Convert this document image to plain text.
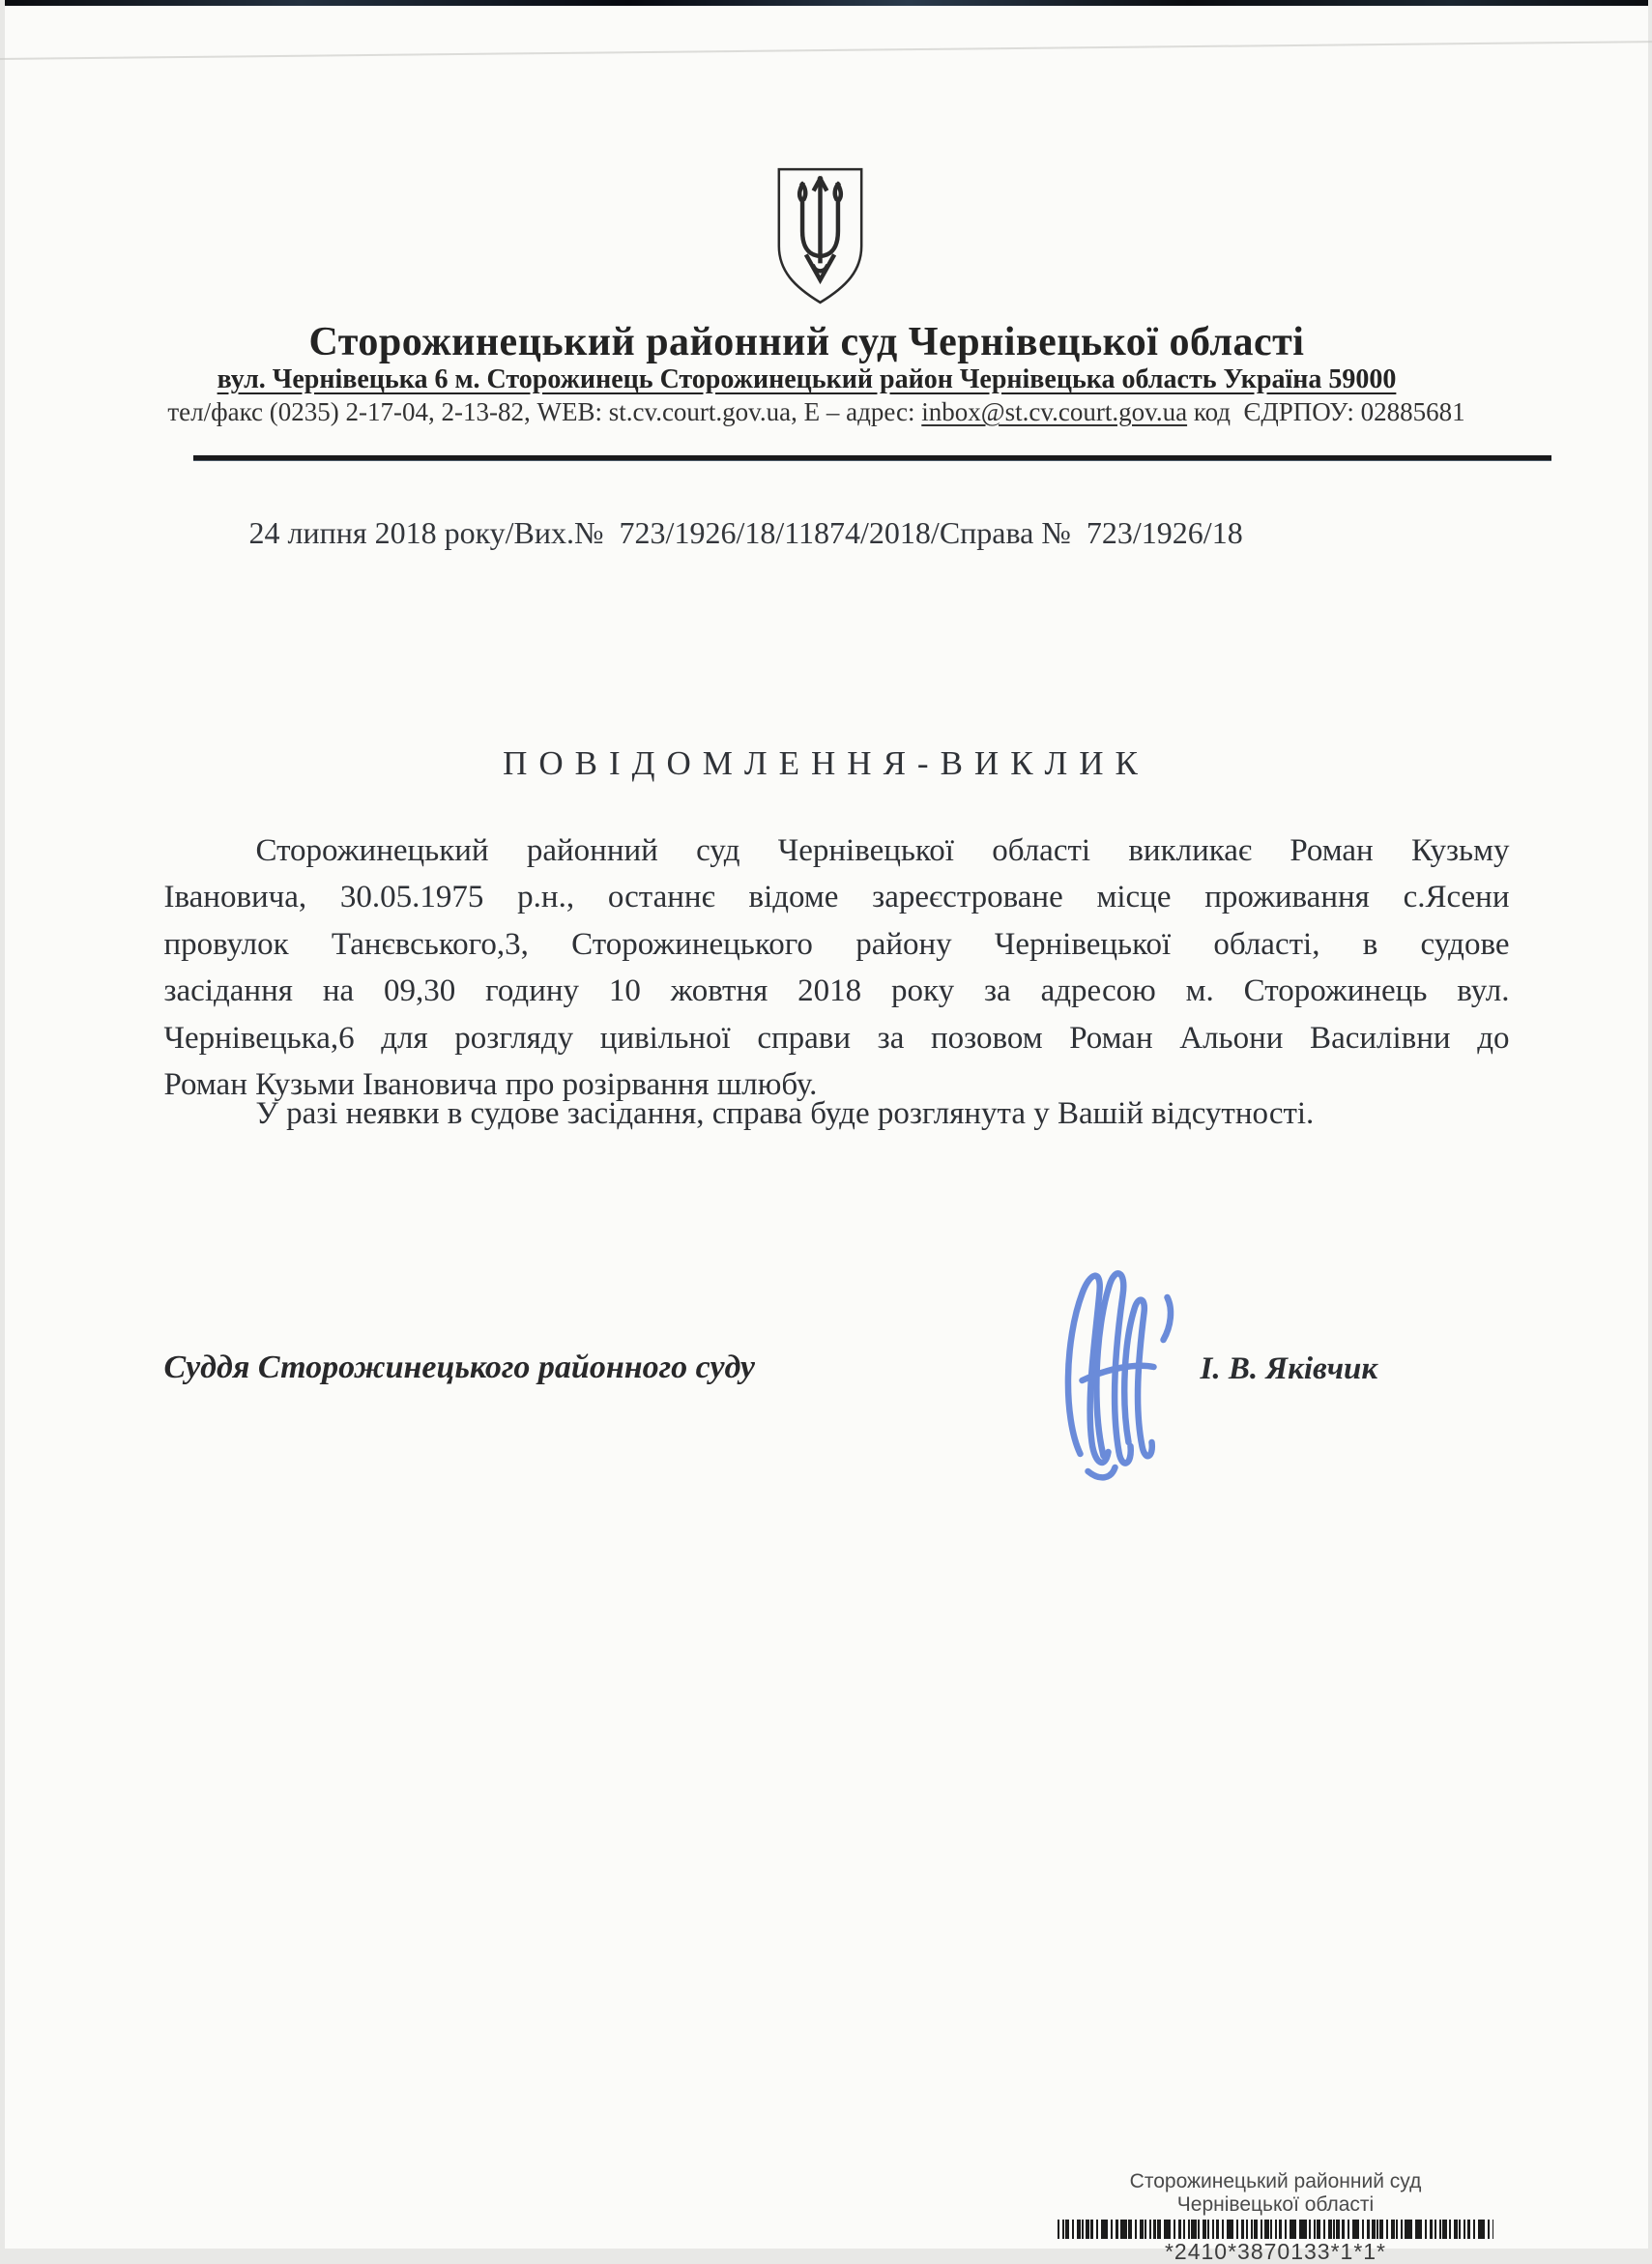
Сторожинецький районний суд Чернівецької області
вул. Чернівецька 6 м. Сторожинець Сторожинецький район Чернівецька область Україна 59000
тел/факс (0235) 2-17-04, 2-13-82, WEB: st.cv.court.gov.ua, Е – адрес: inbox@st.cv.court.gov.ua код  ЄДРПОУ: 02885681
24 липня 2018 року/Вих.№  723/1926/18/11874/2018/Справа №  723/1926/18
ПОВІДОМЛЕННЯ-ВИКЛИК
Сторожинецький районний суд Чернівецької області викликає Роман Кузьму
Івановича, 30.05.1975 р.н., останнє відоме зареєстроване місце проживання с.Ясени
провулок Танєвського,3, Сторожинецького району Чернівецької області, в судове
засідання на 09,30 годину 10 жовтня 2018 року за адресою м. Сторожинець вул.
Чернівецька,6 для розгляду цивільної справи за позовом Роман Альони Василівни до
Роман Кузьми Івановича про розірвання шлюбу.
У разі неявки в судове засідання, справа буде розглянута у Вашій відсутності.
Суддя Сторожинецького районного суду	І. В. Яківчик
Сторожинецький районний суд
Чернівецької області
*2410*3870133*1*1*
